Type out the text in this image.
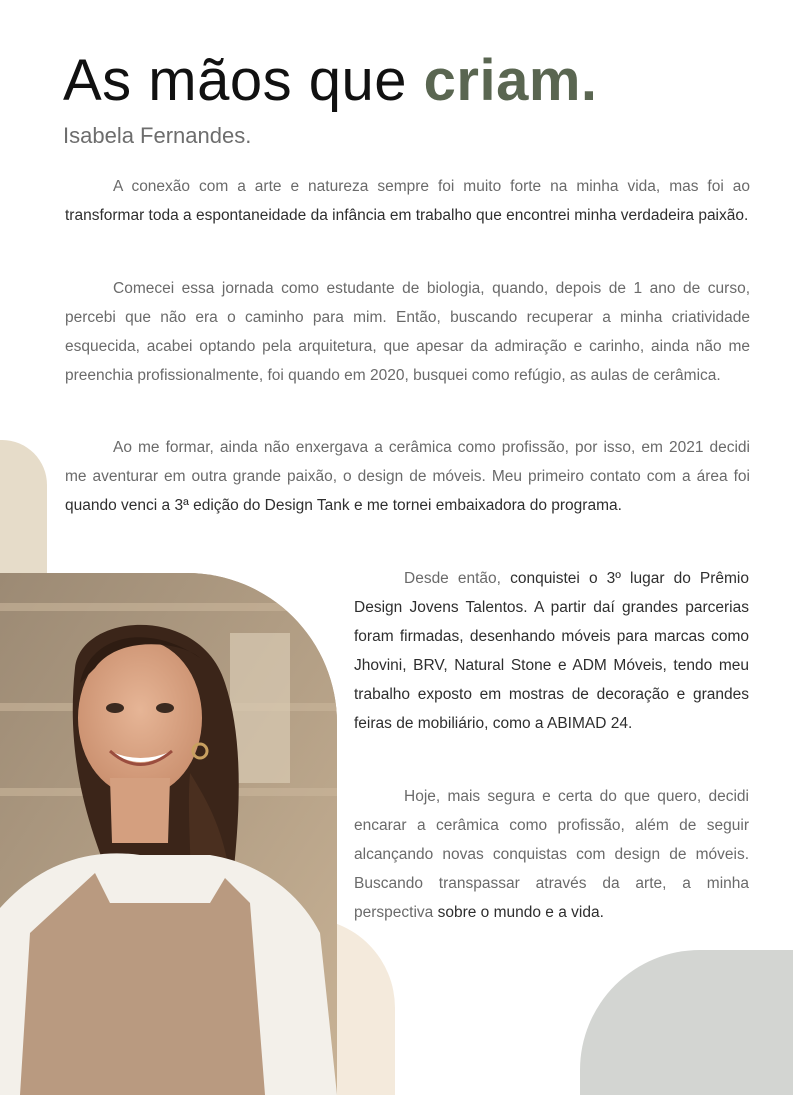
As mãos que criam.
Isabela Fernandes.

A conexão com a arte e natureza sempre foi muito forte na minha vida, mas foi ao transformar toda a espontaneidade da infância em trabalho que encontrei minha verdadeira paixão.

Comecei essa jornada como estudante de biologia, quando, depois de 1 ano de curso, percebi que não era o caminho para mim. Então, buscando recuperar a minha criatividade esquecida, acabei optando pela arquitetura, que apesar da admiração e carinho, ainda não me preenchia profissionalmente, foi quando em 2020, busquei como refúgio, as aulas de cerâmica.

Ao me formar, ainda não enxergava a cerâmica como profissão, por isso, em 2021 decidi me aventurar em outra grande paixão, o design de móveis. Meu primeiro contato com a área foi quando venci a 3ª edição do Design Tank e me tornei embaixadora do programa.

Desde então, conquistei o 3º lugar do Prêmio Design Jovens Talentos. A partir daí grandes parcerias foram firmadas, desenhando móveis para marcas como Jhovini, BRV, Natural Stone e ADM Móveis, tendo meu trabalho exposto em mostras de decoração e grandes feiras de mobiliário, como a ABIMAD 24.

Hoje, mais segura e certa do que quero, decidi encarar a cerâmica como profissão, além de seguir alcançando novas conquistas com design de móveis. Buscando transpassar através da arte, a minha perspectiva sobre o mundo e a vida.
